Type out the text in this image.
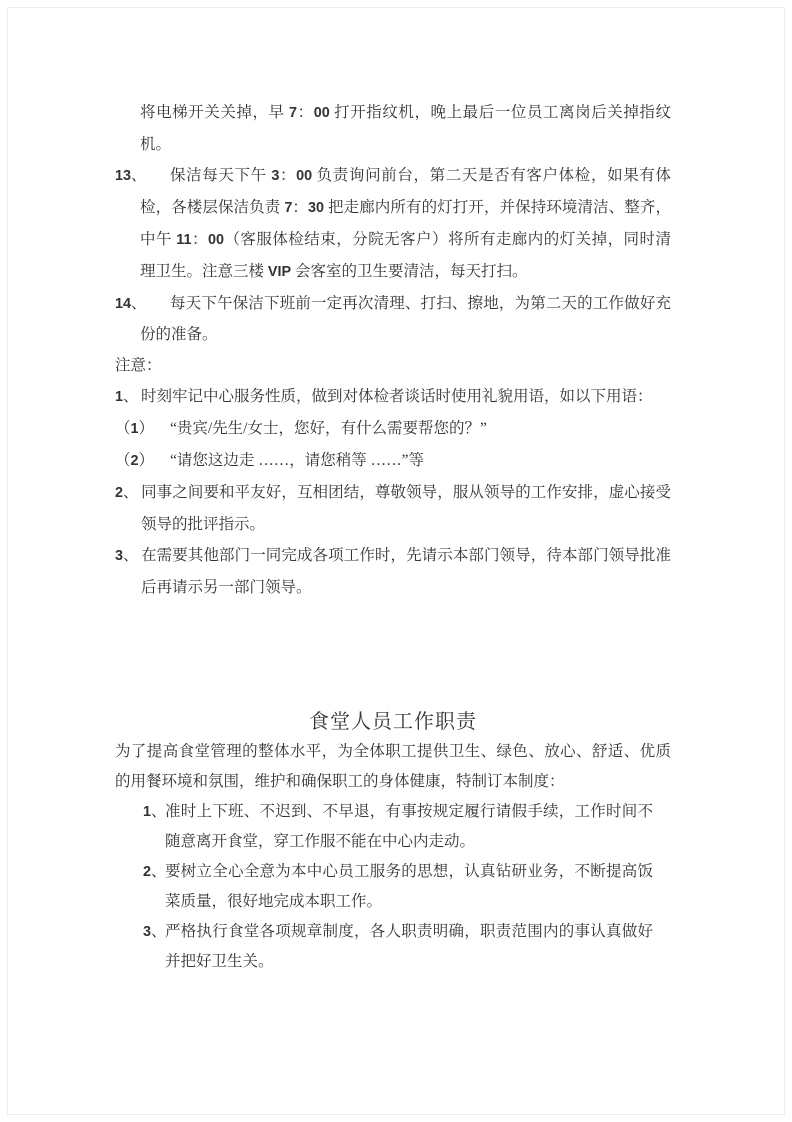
将电梯开关关掉，早 7：00 打开指纹机，晚上最后一位员工离岗后关掉指纹机。

13、 保洁每天下午 3：00 负责询问前台，第二天是否有客户体检，如果有体检，各楼层保洁负责 7：30 把走廊内所有的灯打开，并保持环境清洁、整齐，中午 11：00（客服体检结束，分院无客户）将所有走廊内的灯关掉，同时清理卫生。注意三楼 VIP 会客室的卫生要清洁，每天打扫。
14、 每天下午保洁下班前一定再次清理、打扫、擦地，为第二天的工作做好充份的准备。

注意：

1、 时刻牢记中心服务性质，做到对体检者谈话时使用礼貌用语，如以下用语：
（1） “贵宾/先生/女士，您好，有什么需要帮您的？”
（2） “请您这边走 ……，请您稍等 ……”等
2、 同事之间要和平友好，互相团结，尊敬领导，服从领导的工作安排，虚心接受领导的批评指示。
3、 在需要其他部门一同完成各项工作时，先请示本部门领导，待本部门领导批准后再请示另一部门领导。
食堂人员工作职责

为了提高食堂管理的整体水平，为全体职工提供卫生、绿色、放心、舒适、优质的用餐环境和氛围，维护和确保职工的身体健康，特制订本制度：

1、
准时上下班、不迟到、不早退，有事按规定履行请假手续，工作时间不随意离开食堂，穿工作服不能在中心内走动。
2、
要树立全心全意为本中心员工服务的思想，认真钻研业务，不断提高饭菜质量，很好地完成本职工作。
3、
严格执行食堂各项规章制度，各人职责明确，职责范围内的事认真做好并把好卫生关。
